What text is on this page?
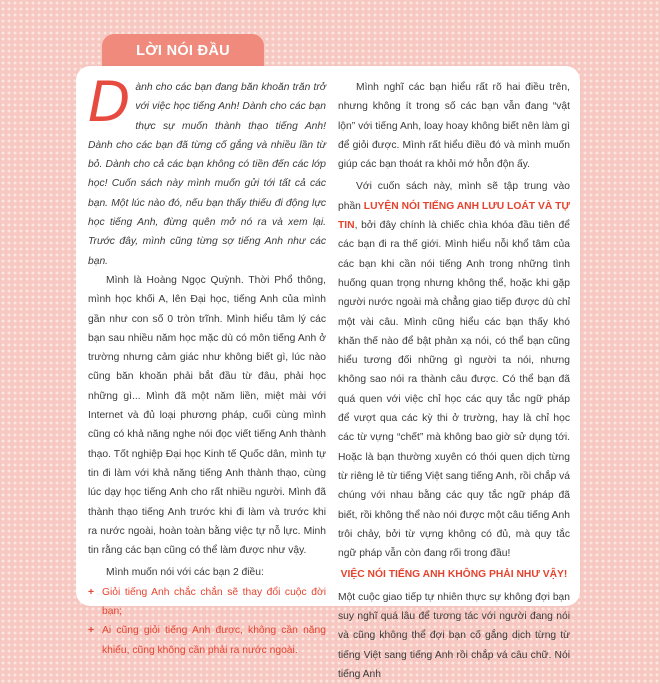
LỜI NÓI ĐẦU

Dành cho các bạn đang băn khoăn trăn trở với việc học tiếng Anh! Dành cho các bạn thực sự muốn thành thạo tiếng Anh! Dành cho các bạn đã từng cố gắng và nhiều lần từ bỏ. Dành cho cả các bạn không có tiền đến các lớp học! Cuốn sách này mình muốn gửi tới tất cả các bạn. Một lúc nào đó, nếu bạn thấy thiếu đi động lực học tiếng Anh, đừng quên mở nó ra và xem lại. Trước đây, mình cũng từng sợ tiếng Anh như các bạn.

Mình là Hoàng Ngọc Quỳnh. Thời Phổ thông, mình học khối A, lên Đại học, tiếng Anh của mình gần như con số 0 tròn trĩnh. Mình hiểu tâm lý các bạn sau nhiều năm học mặc dù có môn tiếng Anh ở trường nhưng cảm giác như không biết gì, lúc nào cũng băn khoăn phải bắt đầu từ đâu, phải học những gì... Mình đã một năm liền, miệt mài với Internet và đủ loại phương pháp, cuối cùng mình cũng có khả năng nghe nói đọc viết tiếng Anh thành thạo. Tốt nghiệp Đại học Kinh tế Quốc dân, mình tự tin đi làm với khả năng tiếng Anh thành thạo, cùng lúc dạy học tiếng Anh cho rất nhiều người. Mình đã thành thạo tiếng Anh trước khi đi làm và trước khi ra nước ngoài, hoàn toàn bằng việc tự nỗ lực. Minh tin rằng các bạn cũng có thể làm được như vậy.

Mình muốn nói với các bạn 2 điều:

+ Giỏi tiếng Anh chắc chắn sẽ thay đổi cuộc đời bạn;
+ Ai cũng giỏi tiếng Anh được, không cần năng khiếu, cũng không cần phải ra nước ngoài.

Mình nghĩ các bạn hiểu rất rõ hai điều trên, nhưng không ít trong số các bạn vẫn đang “vật lộn” với tiếng Anh, loay hoay không biết nên làm gì để giỏi được. Mình rất hiểu điều đó và mình muốn giúp các bạn thoát ra khỏi mớ hỗn độn ấy.

Với cuốn sách này, mình sẽ tập trung vào phần LUYỆN NÓI TIẾNG ANH LƯU LOÁT VÀ TỰ TIN, bởi đây chính là chiếc chìa khóa đầu tiên để các bạn đi ra thế giới. Mình hiểu nỗi khổ tâm của các bạn khi cần nói tiếng Anh trong những tình huống quan trọng nhưng không thể, hoặc khi gặp người nước ngoài mà chẳng giao tiếp được dù chỉ một vài câu. Mình cũng hiểu các bạn thấy khó khăn thế nào để bật phản xạ nói, có thể bạn cũng hiểu tương đối những gì người ta nói, nhưng không sao nói ra thành câu được. Có thể bạn đã quá quen với việc chỉ học các quy tắc ngữ pháp để vượt qua các kỳ thi ở trường, hay là chỉ học các từ vựng “chết” mà không bao giờ sử dụng tới. Hoặc là bạn thường xuyên có thói quen dịch từng từ riêng lẻ từ tiếng Việt sang tiếng Anh, rồi chắp vá chúng với nhau bằng các quy tắc ngữ pháp đã biết, rồi không thể nào nói được một câu tiếng Anh trôi chảy, bởi từ vựng không có đủ, mà quy tắc ngữ pháp vẫn còn đang rối trong đầu!

VIỆC NÓI TIẾNG ANH KHÔNG PHẢI NHƯ VẬY!

Một cuộc giao tiếp tự nhiên thực sự không đợi bạn suy nghĩ quá lâu để tương tác với người đang nói và cũng không thể đợi bạn cố gắng dịch từng từ tiếng Việt sang tiếng Anh rồi chắp vá câu chữ. Nói tiếng Anh
